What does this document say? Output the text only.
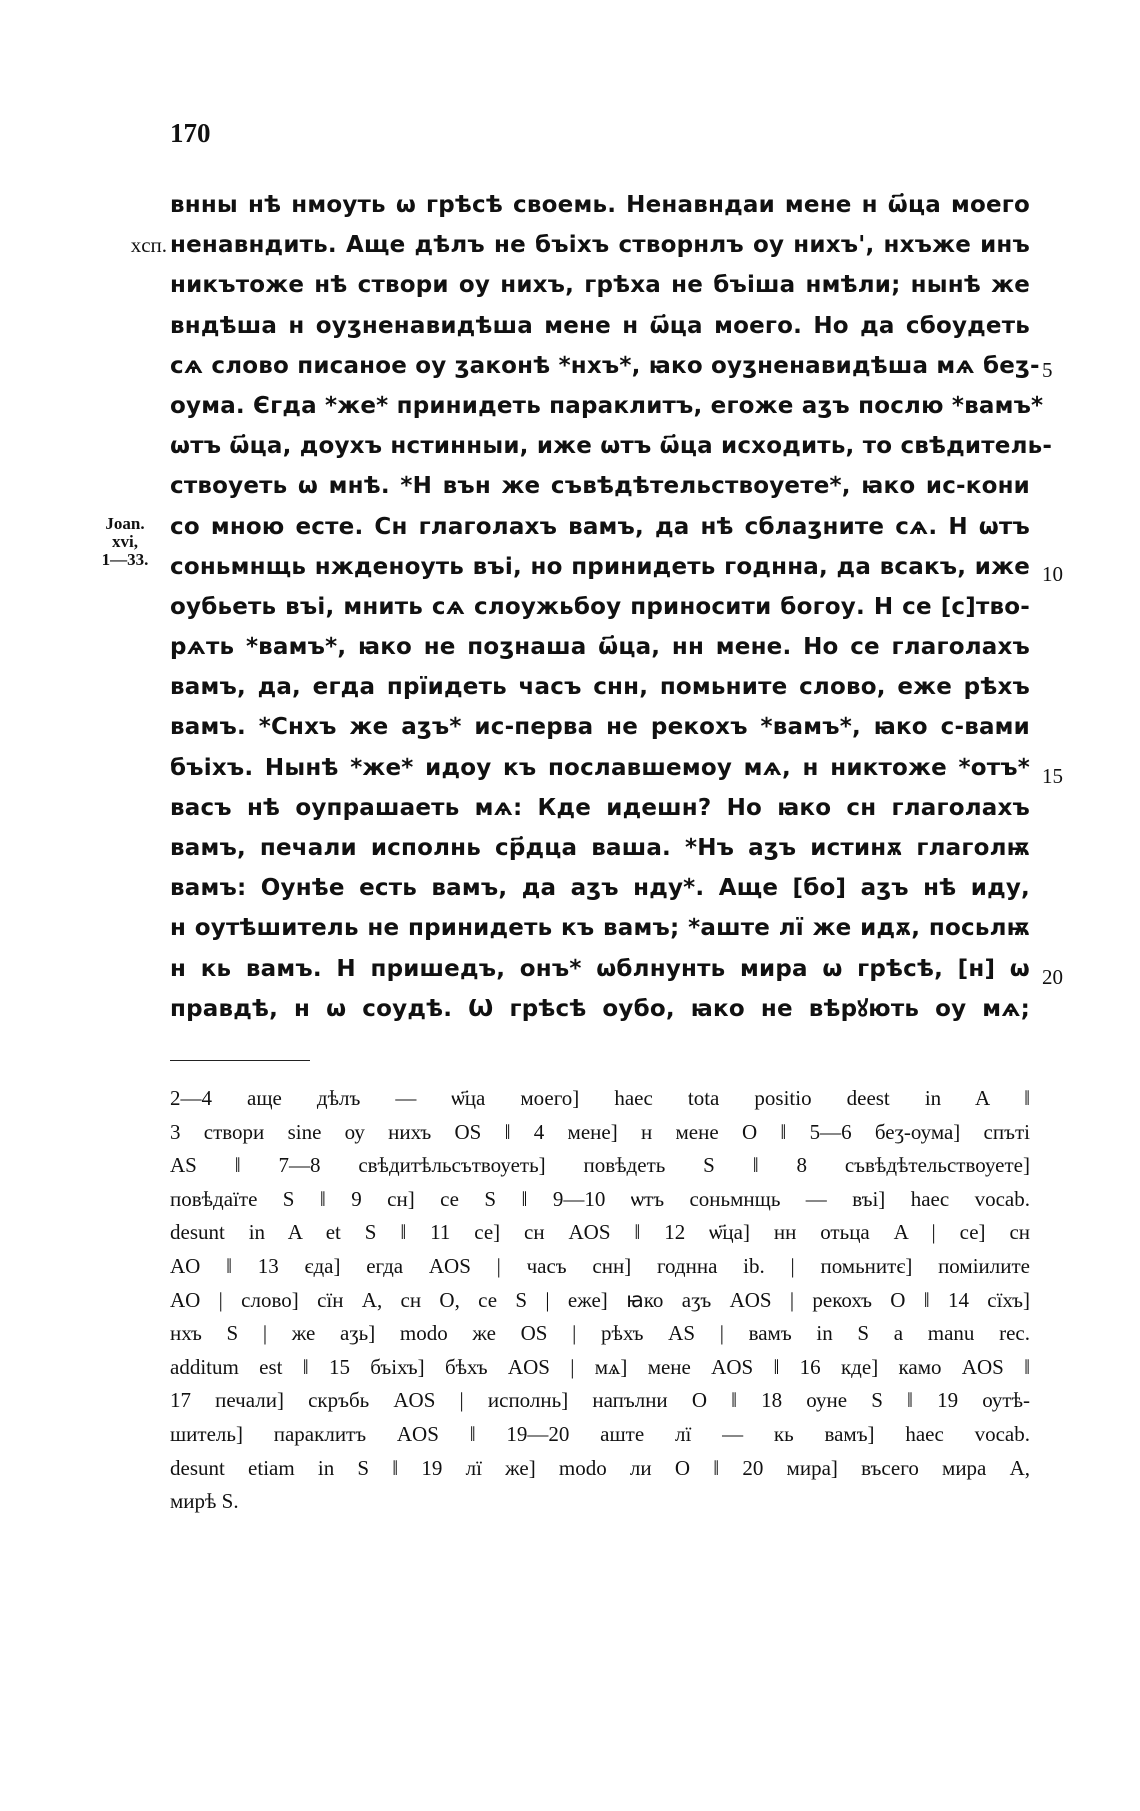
170
xcп.
Joan.
xvi,
1—33.
5
10
15
20
внны нѣ нмоуть ѡ грѣсѣ своемь. Ненавндаи мене н ѡ҃ца моего
ненавндить. Аще дѣлъ не бъіхъ створнлъ оу нихъ', нхъже инъ
никътоже нѣ створи оу нихъ, грѣха не бъіша нмѣли; нынѣ же
вндѣша н оуʒненавидѣша мене н ѡ҃ца моего. Но да сбоудеть
сѧ слово писаное оу ʒаконѣ *нхъ*, ꙗко оуʒненавидѣша мѧ беʒ-
оума. Єгда *же* принидеть параклитъ, егоже аʒъ послю *вамъ*
ѡтъ ѡ҃ца, доухъ нстинныи, иже ѡтъ ѡ҃ца исходить, то свѣдитель-
ствоуеть ѡ мнѣ. *Н вън же съвѣдѣтельствоуете*, ꙗко ис-кони
со мною есте. Сн глаголахъ вамъ, да нѣ сблаʒните сѧ. Н ѡтъ
соньмнщь нжденоуть въі, но принидеть годнна, да всакъ, иже
оубьеть въі, мнить сѧ слоужьбоу приносити богоу. Н се [с]тво-
рѧть *вамъ*, ꙗко не поʒнаша ѡ҃ца, нн мене. Но се глаголахъ
вамъ, да, егда прїидеть часъ снн, помьните слово, еже рѣхъ
вамъ. *Снхъ же аʒъ* ис-перва не рекохъ *вамъ*, ꙗко с-вами
бъіхъ. Нынѣ *же* идоу къ пославшемоу мѧ, н никтоже *отъ*
васъ нѣ оупрашаеть мѧ: Кде идешн? Но ꙗко сн глаголахъ
вамъ, печали исполнь ср҃дца ваша. *Нъ аʒъ истинѫ глаголѭ
вамъ: Оунѣе есть вамъ, да аʒъ нду*. Аще [бо] аʒъ нѣ иду,
н оутѣшитель не принидеть къ вамъ; *аште лї же идѫ, посьлѭ
н кь вамъ. Н пришедъ, онъ* ѡблнунть мира ѡ грѣсѣ, [н] ѡ
правдѣ, н ѡ соудѣ. Ѡ грѣсѣ оубо, ꙗко не вѣрꙋють оу мѧ;
2—4 аще дѣлъ — ѡ҃ца моего] haec tota positio deest in A ‖
3 створи sine оу нихъ OS ‖ 4 мене] н мене O ‖ 5—6 беʒ-оума] спъті
AS ‖ 7—8 свѣдитѣльсътвоуеть] повѣдеть S ‖ 8 съвѣдѣтельствоуете]
повѣдаїте S ‖ 9 сн] се S ‖ 9—10 ѡтъ соньмнщь — въі] haec vocab.
desunt in A et S ‖ 11 се] сн AOS ‖ 12 ѡ҃ца] нн отьца A | се] сн
AO ‖ 13 єда] егда AOS | часъ снн] годнна ib. | помьнитє] поміилите
AO | слово] сїн A, сн O, се S | еже] ꙗко аʒъ AOS | рекохъ O ‖ 14 сїхъ]
нхъ S | же аʒь] modo же OS | рѣхъ AS | вамъ in S a manu rec.
additum est ‖ 15 бъіхъ] бѣхъ AOS | мѧ] мене AOS ‖ 16 кде] камо AOS ‖
17 печали] скръбь AOS | исполнь] напълни O ‖ 18 оуне S ‖ 19 оутѣ-
шитель] параклитъ AOS ‖ 19—20 аште лї — кь вамъ] haec vocab.
desunt etiam in S ‖ 19 лї же] modo ли O ‖ 20 мира] въсего мира A,
мирѣ S.
